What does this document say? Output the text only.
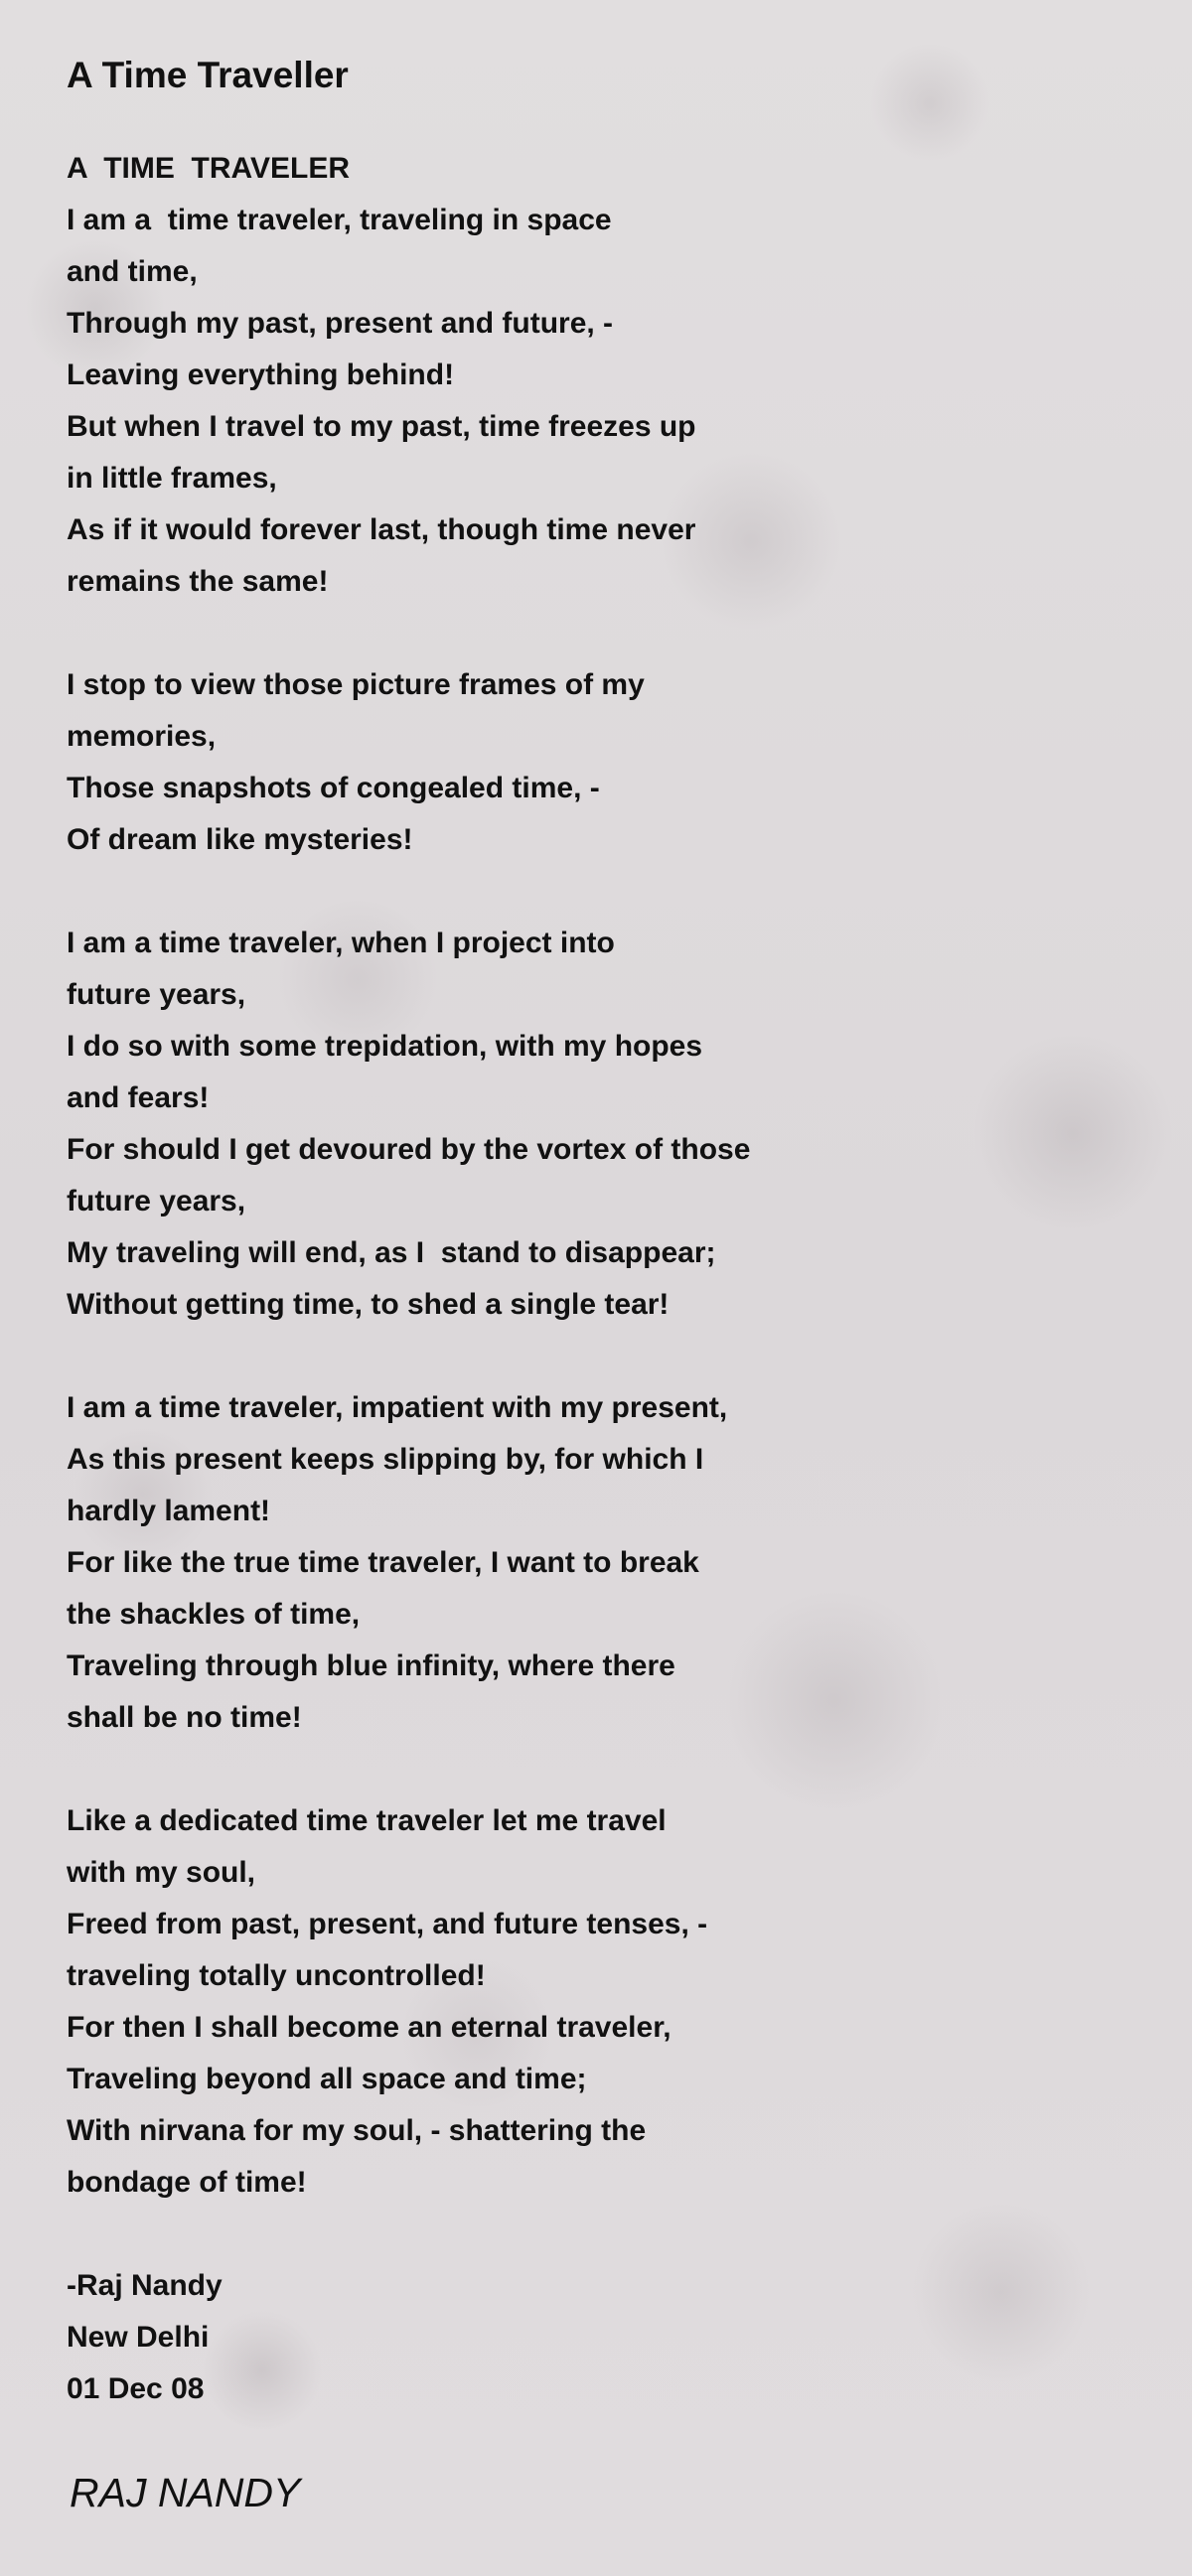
A Time Traveller
A  TIME  TRAVELER
I am a  time traveler, traveling in space
and time,
Through my past, present and future, -
Leaving everything behind!
But when I travel to my past, time freezes up
in little frames,
As if it would forever last, though time never
remains the same!
I stop to view those picture frames of my
memories,
Those snapshots of congealed time, -
Of dream like mysteries!
I am a time traveler, when I project into
future years,
I do so with some trepidation, with my hopes
and fears!
For should I get devoured by the vortex of those
future years,
My traveling will end, as I  stand to disappear;
Without getting time, to shed a single tear!
I am a time traveler, impatient with my present,
As this present keeps slipping by, for which I
hardly lament!
For like the true time traveler, I want to break
the shackles of time,
Traveling through blue infinity, where there
shall be no time!
Like a dedicated time traveler let me travel
with my soul,
Freed from past, present, and future tenses, -
traveling totally uncontrolled!
For then I shall become an eternal traveler,
Traveling beyond all space and time;
With nirvana for my soul, - shattering the
bondage of time!
-Raj Nandy
New Delhi
01 Dec 08
RAJ NANDY
